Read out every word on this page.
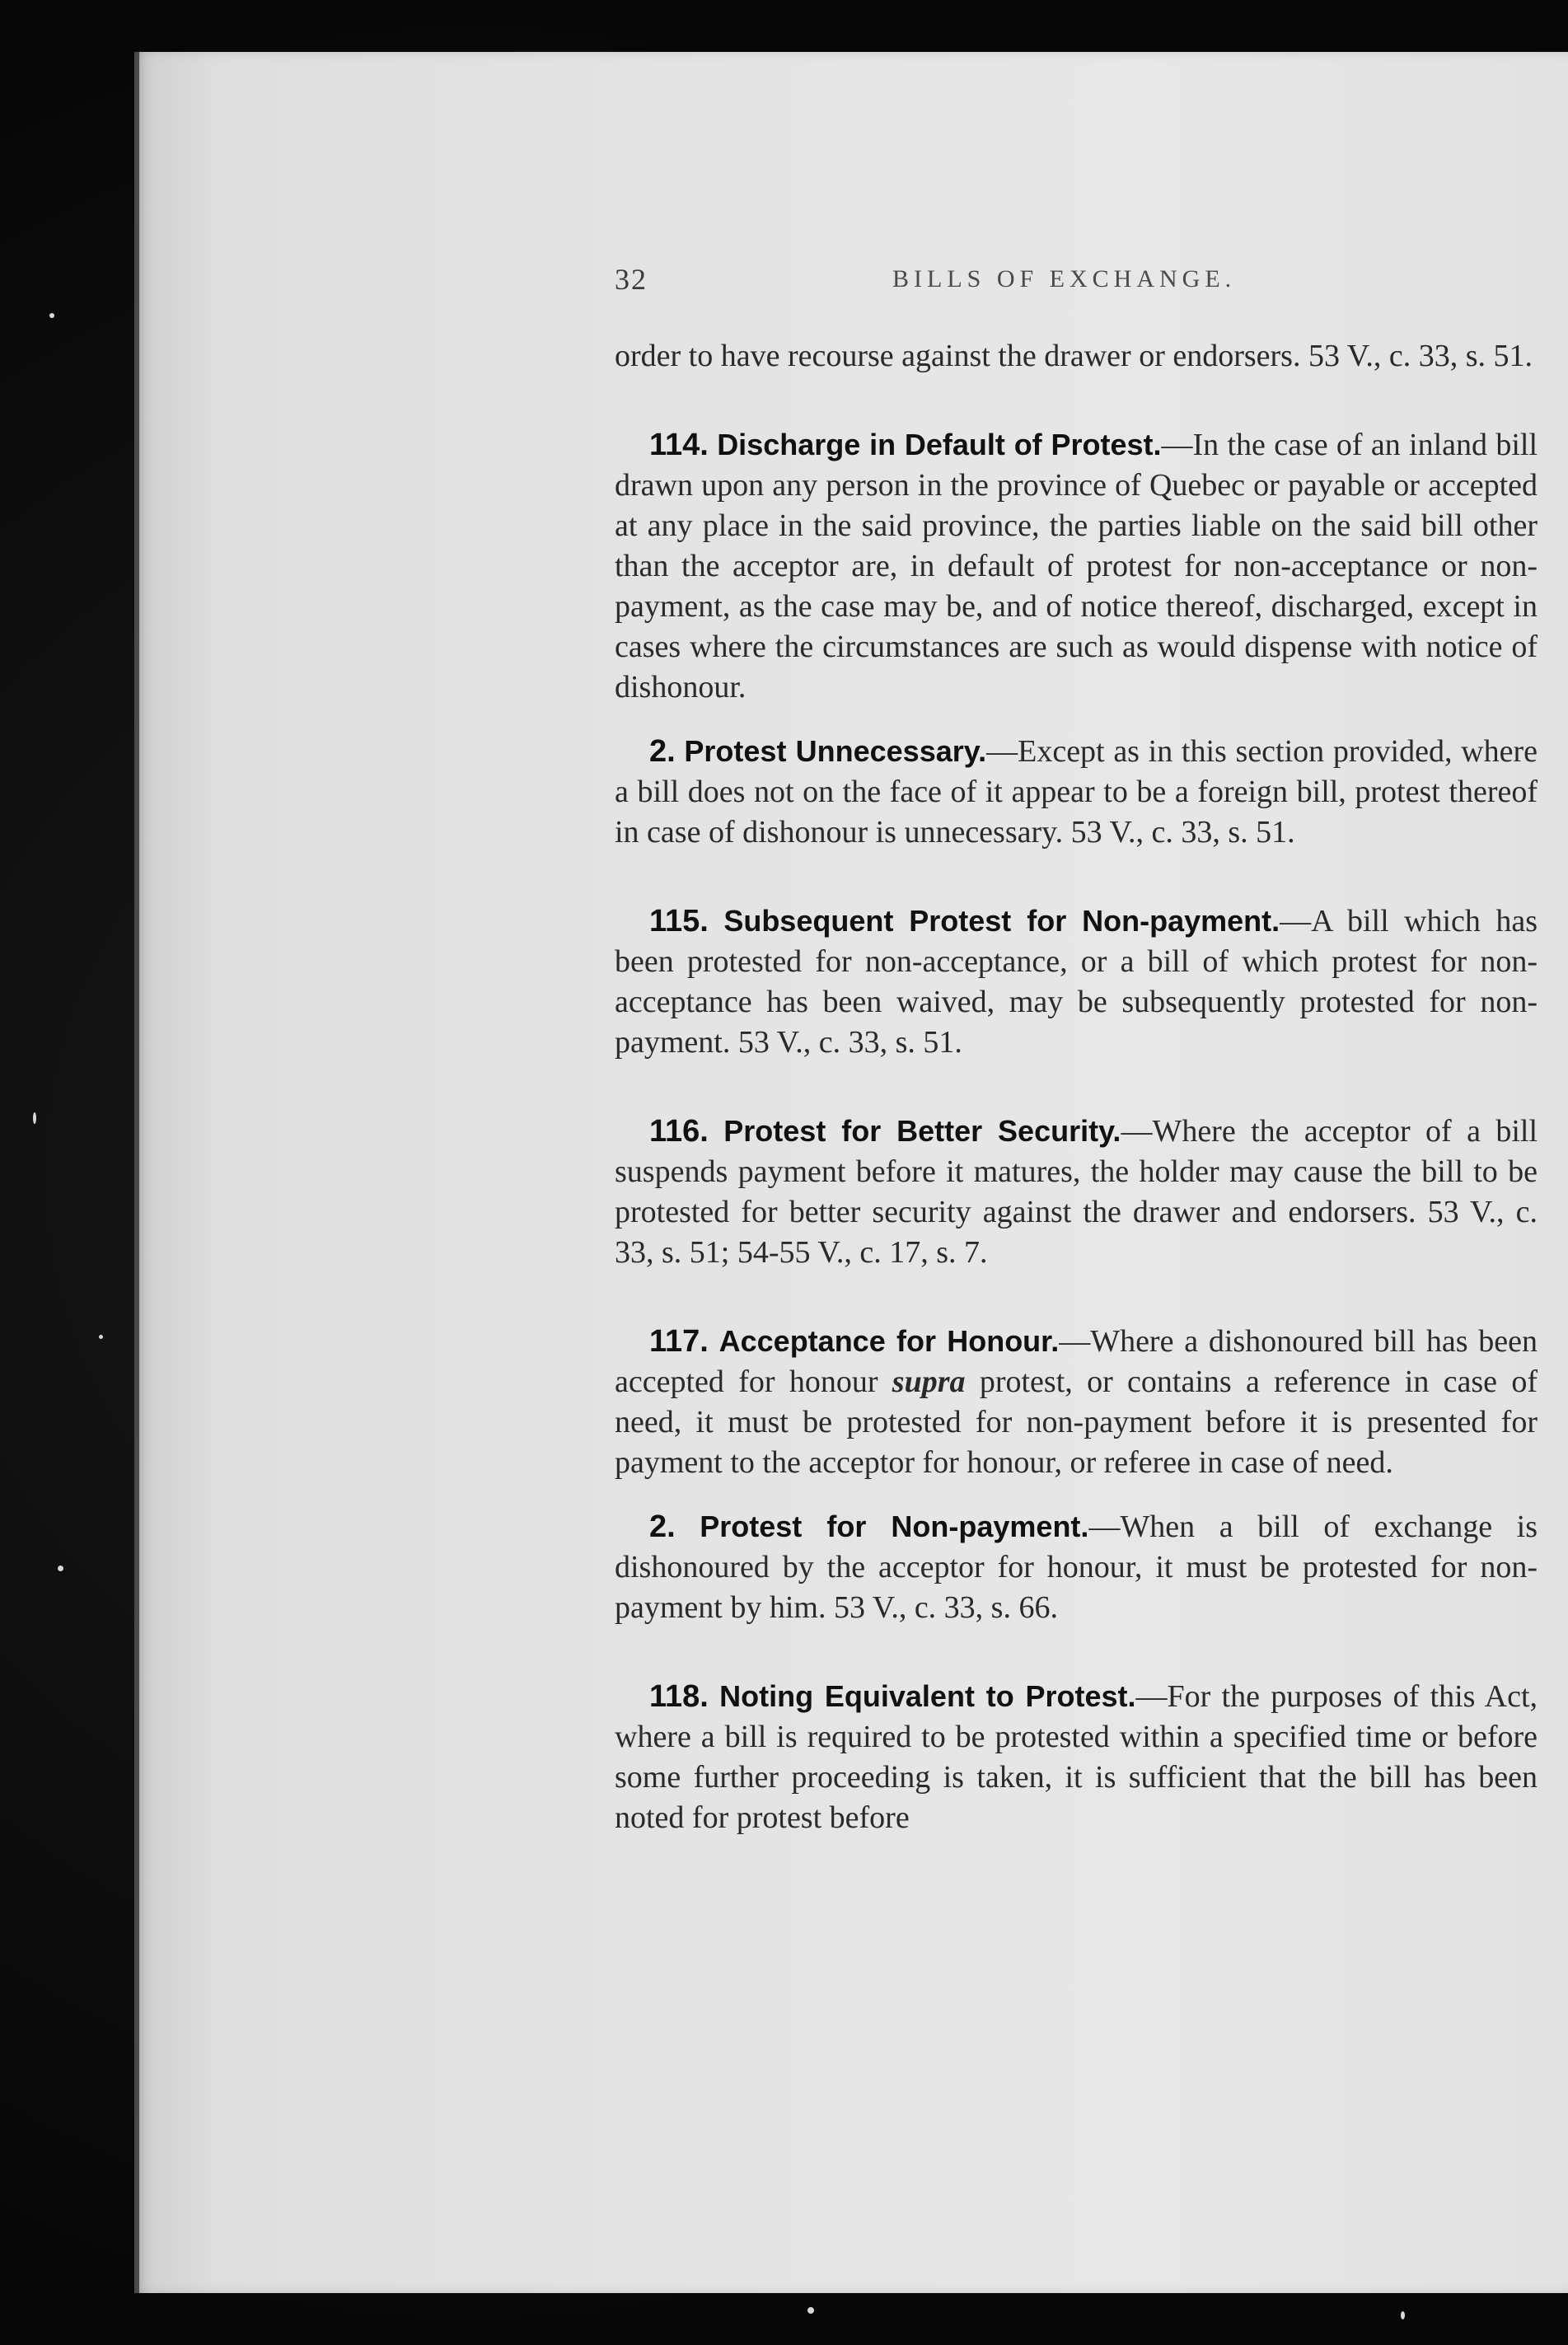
32	BILLS OF EXCHANGE.

order to have recourse against the drawer or endorsers. 53 V., c. 33, s. 51.

114. Discharge in Default of Protest.—In the case of an inland bill drawn upon any person in the province of Quebec or payable or accepted at any place in the said province, the parties liable on the said bill other than the acceptor are, in default of protest for non-acceptance or non-payment, as the case may be, and of notice thereof, discharged, except in cases where the circumstances are such as would dispense with notice of dishonour.

2. Protest Unnecessary.—Except as in this section provided, where a bill does not on the face of it appear to be a foreign bill, protest thereof in case of dishonour is unnecessary. 53 V., c. 33, s. 51.

115. Subsequent Protest for Non-payment.—A bill which has been protested for non-acceptance, or a bill of which protest for non-acceptance has been waived, may be subsequently protested for non-payment. 53 V., c. 33, s. 51.

116. Protest for Better Security.—Where the acceptor of a bill suspends payment before it matures, the holder may cause the bill to be protested for better security against the drawer and endorsers. 53 V., c. 33, s. 51; 54-55 V., c. 17, s. 7.

117. Acceptance for Honour.—Where a dishonoured bill has been accepted for honour supra protest, or contains a reference in case of need, it must be protested for non-payment before it is presented for payment to the acceptor for honour, or referee in case of need.

2. Protest for Non-payment.—When a bill of exchange is dishonoured by the acceptor for honour, it must be protested for non-payment by him. 53 V., c. 33, s. 66.

118. Noting Equivalent to Protest.—For the purposes of this Act, where a bill is required to be protested within a specified time or before some further proceeding is taken, it is sufficient that the bill has been noted for protest before
